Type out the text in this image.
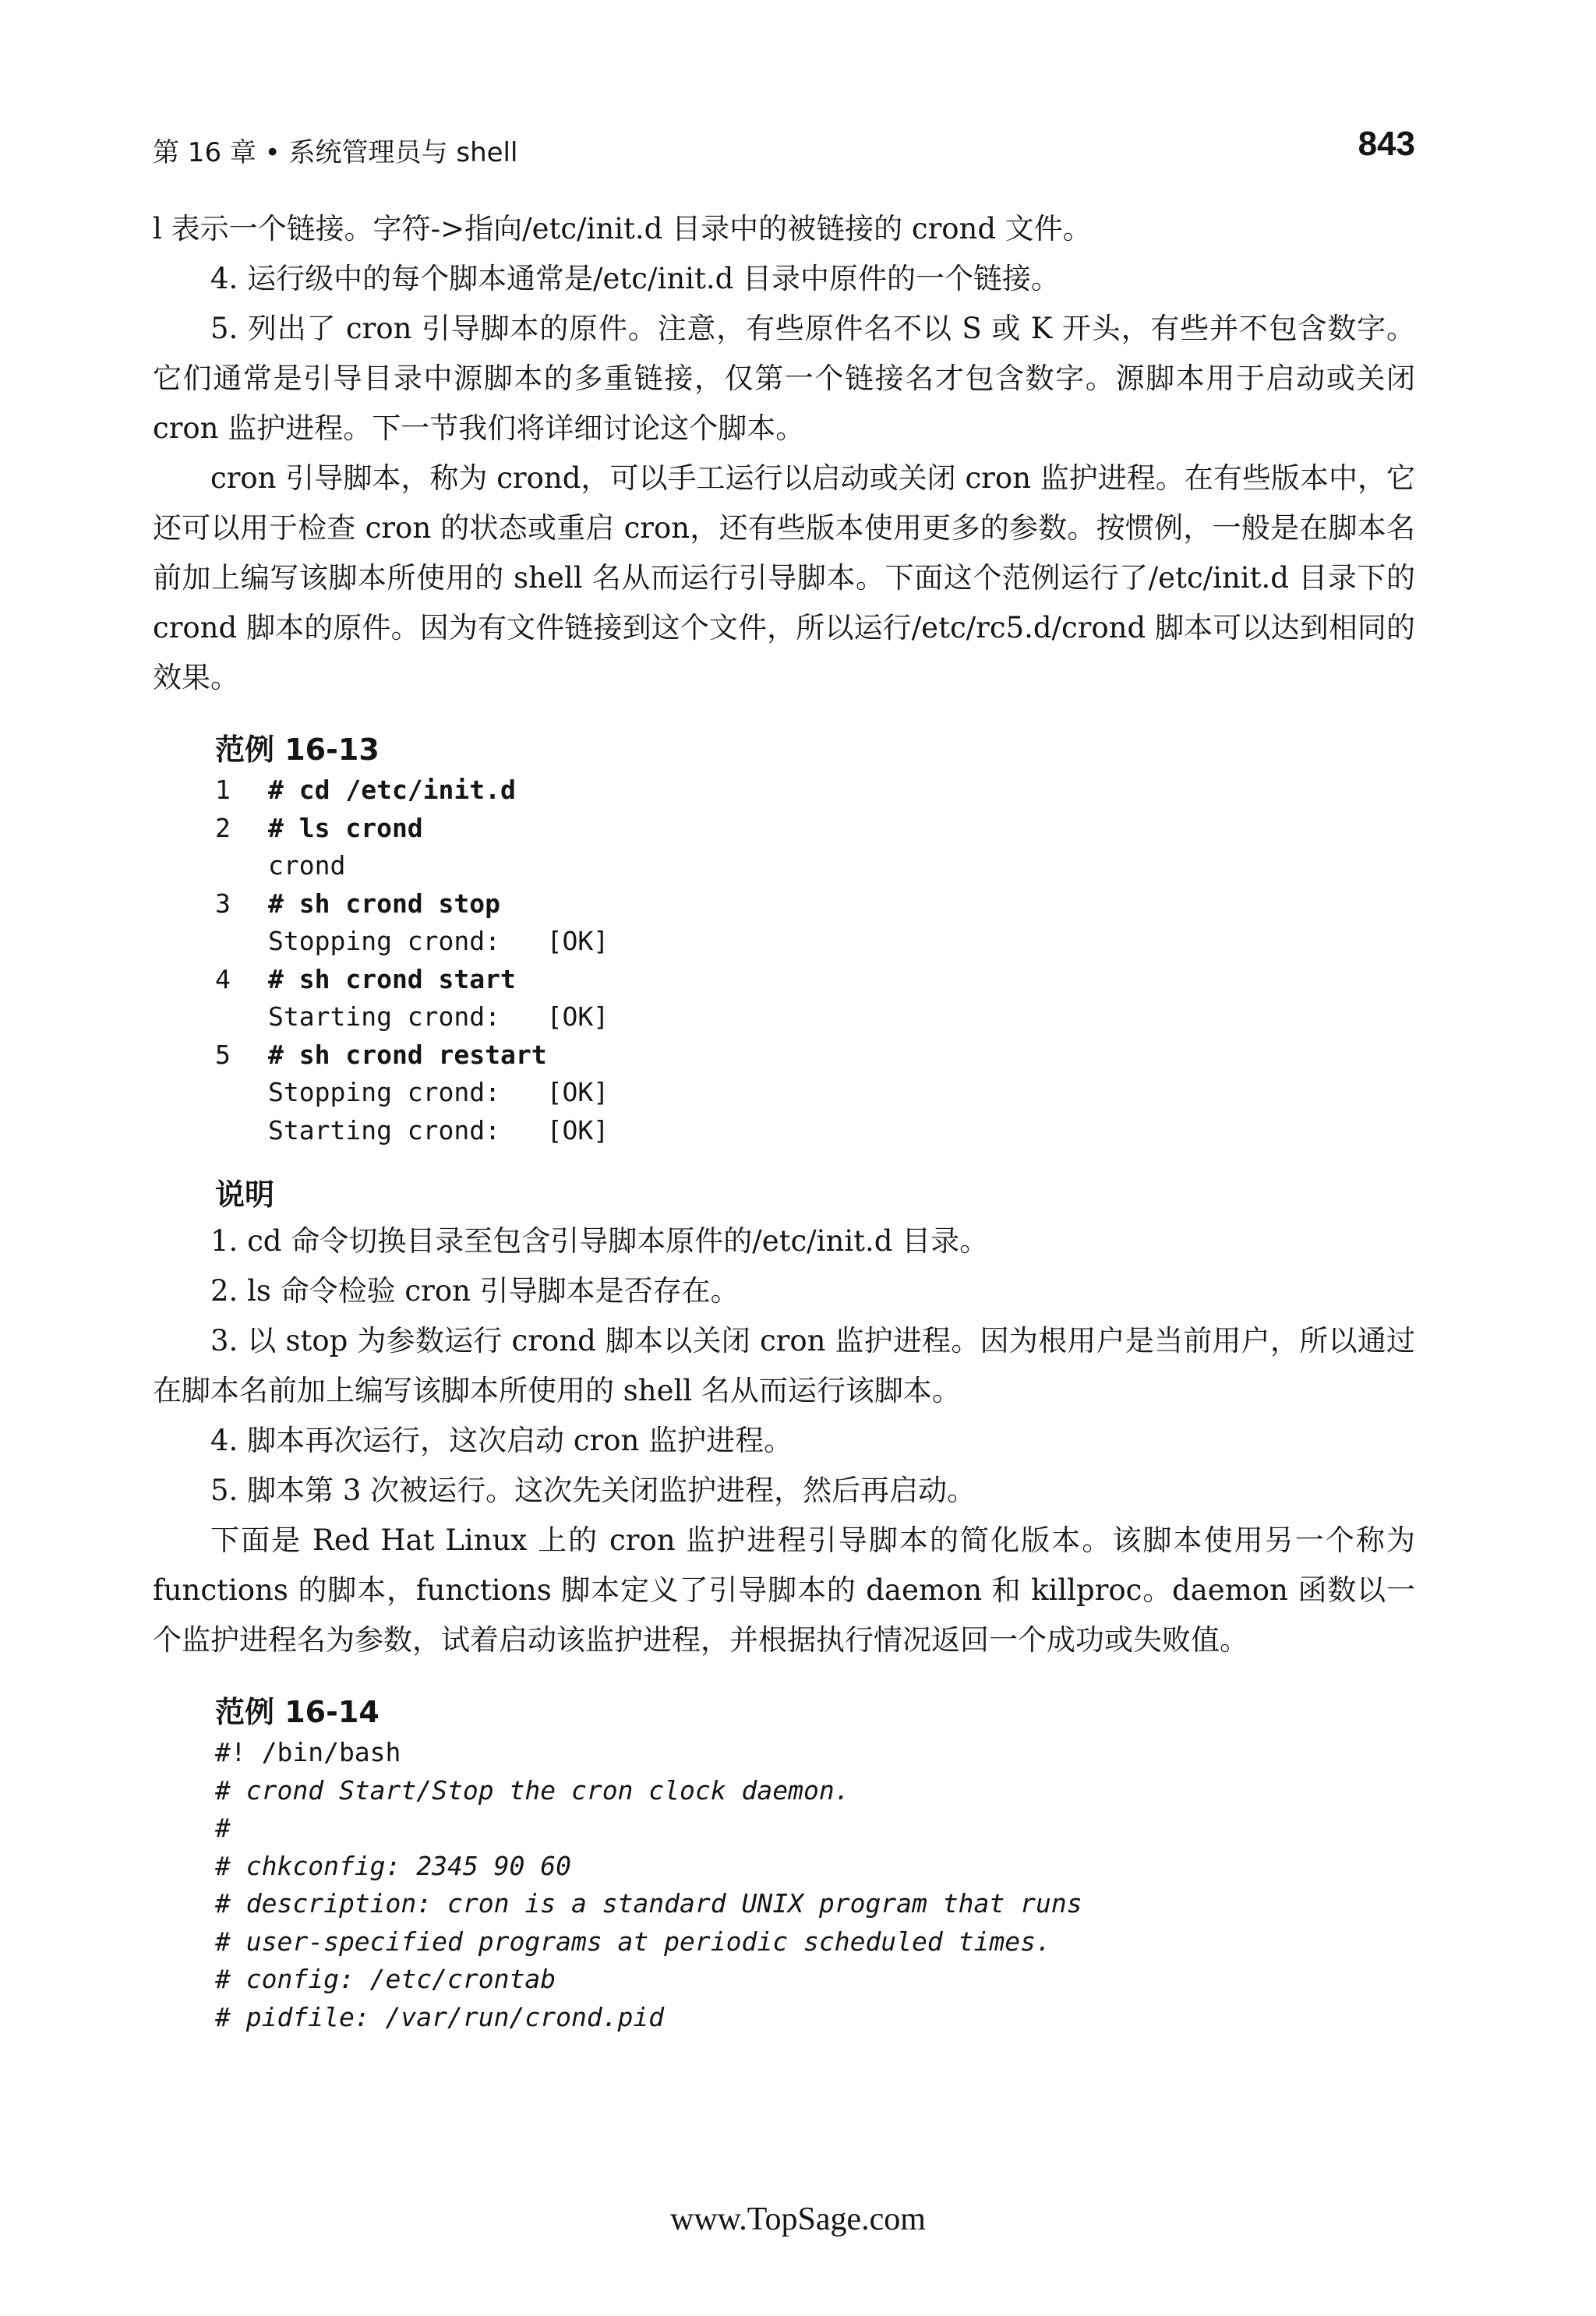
第 16 章 • 系统管理员与 shell	843

l 表示一个链接。字符->指向/etc/init.d 目录中的被链接的 crond 文件。

4. 运行级中的每个脚本通常是/etc/init.d 目录中原件的一个链接。

5. 列出了 cron 引导脚本的原件。注意，有些原件名不以 S 或 K 开头，有些并不包含数字。它们通常是引导目录中源脚本的多重链接，仅第一个链接名才包含数字。源脚本用于启动或关闭 cron 监护进程。下一节我们将详细讨论这个脚本。

cron 引导脚本，称为 crond，可以手工运行以启动或关闭 cron 监护进程。在有些版本中，它还可以用于检查 cron 的状态或重启 cron，还有些版本使用更多的参数。按惯例，一般是在脚本名前加上编写该脚本所使用的 shell 名从而运行引导脚本。下面这个范例运行了/etc/init.d 目录下的 crond 脚本的原件。因为有文件链接到这个文件，所以运行/etc/rc5.d/crond 脚本可以达到相同的效果。

范例 16-13
1	# cd /etc/init.d
2	# ls crond
crond
3	# sh crond stop
Stopping crond:   [OK]
4	# sh crond start
Starting crond:   [OK]
5	# sh crond restart
Stopping crond:   [OK]
Starting crond:   [OK]
说明

1. cd 命令切换目录至包含引导脚本原件的/etc/init.d 目录。

2. ls 命令检验 cron 引导脚本是否存在。

3. 以 stop 为参数运行 crond 脚本以关闭 cron 监护进程。因为根用户是当前用户，所以通过在脚本名前加上编写该脚本所使用的 shell 名从而运行该脚本。

4. 脚本再次运行，这次启动 cron 监护进程。

5. 脚本第 3 次被运行。这次先关闭监护进程，然后再启动。

下面是 Red Hat Linux 上的 cron 监护进程引导脚本的简化版本。该脚本使用另一个称为 functions 的脚本，functions 脚本定义了引导脚本的 daemon 和 killproc。daemon 函数以一个监护进程名为参数，试着启动该监护进程，并根据执行情况返回一个成功或失败值。

范例 16-14
#! /bin/bash
# crond Start/Stop the cron clock daemon.
#
# chkconfig: 2345 90 60
# description: cron is a standard UNIX program that runs
# user-specified programs at periodic scheduled times.
# config: /etc/crontab
# pidfile: /var/run/crond.pid
www.TopSage.com
